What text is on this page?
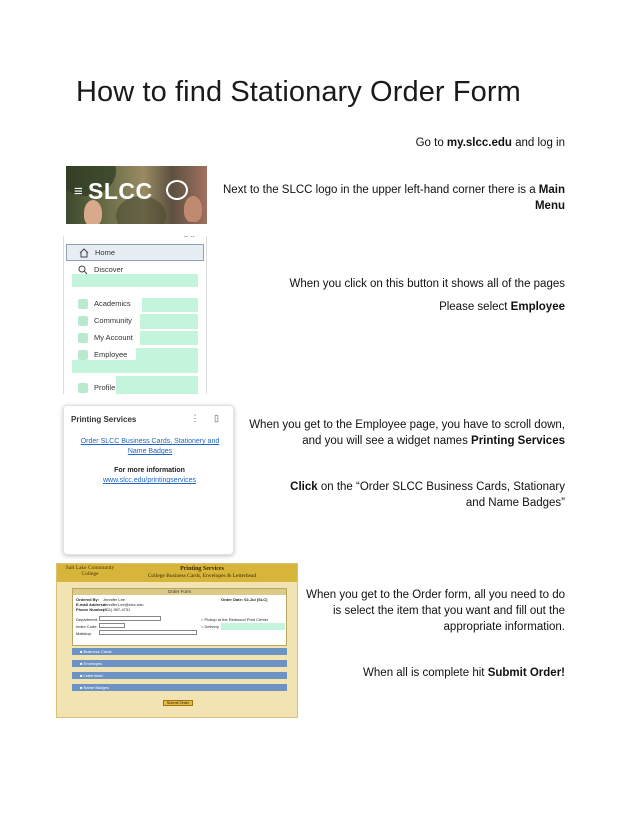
How to find Stationary Order Form
Go to my.slcc.edu and log in
≡ SLCC	Next to the SLCC logo in the upper left-hand corner there is a Main Menu
⌃⌃
Home
Discover
Academics
Community
My Account
Employee
Profile
When you click on this button it shows all of the pages
Please select Employee
Printing Services	⋮ ▯
Order SLCC Business Cards, Stationery and Name Badges
For more information
www.slcc.edu/printingservices
When you get to the Employee page, you have to scroll down, and you will see a widget names Printing Services
Click on the “Order SLCC Business Cards, Stationary and Name Badges”
Salt Lake Community College
Printing Services
College Business Cards, Envelopes & Letterhead
Order Form
Ordered By: Jennifer Lee
E-mail Address:
Jennifer.Lee@slcc.edu
Phone Number:
(801) 957-4731
Order Date: 02-Jul (SLC)
Department:
Index Code:
Mailstop:
○ Pickup at the Redwood Print Center
○ Delivery
■ Business Cards
■ Envelopes
■ Letterhead
■ Name Badges
Submit Order
When you get to the Order form, all you need to do is select the item that you want and fill out the appropriate information.
When all is complete hit Submit Order!
